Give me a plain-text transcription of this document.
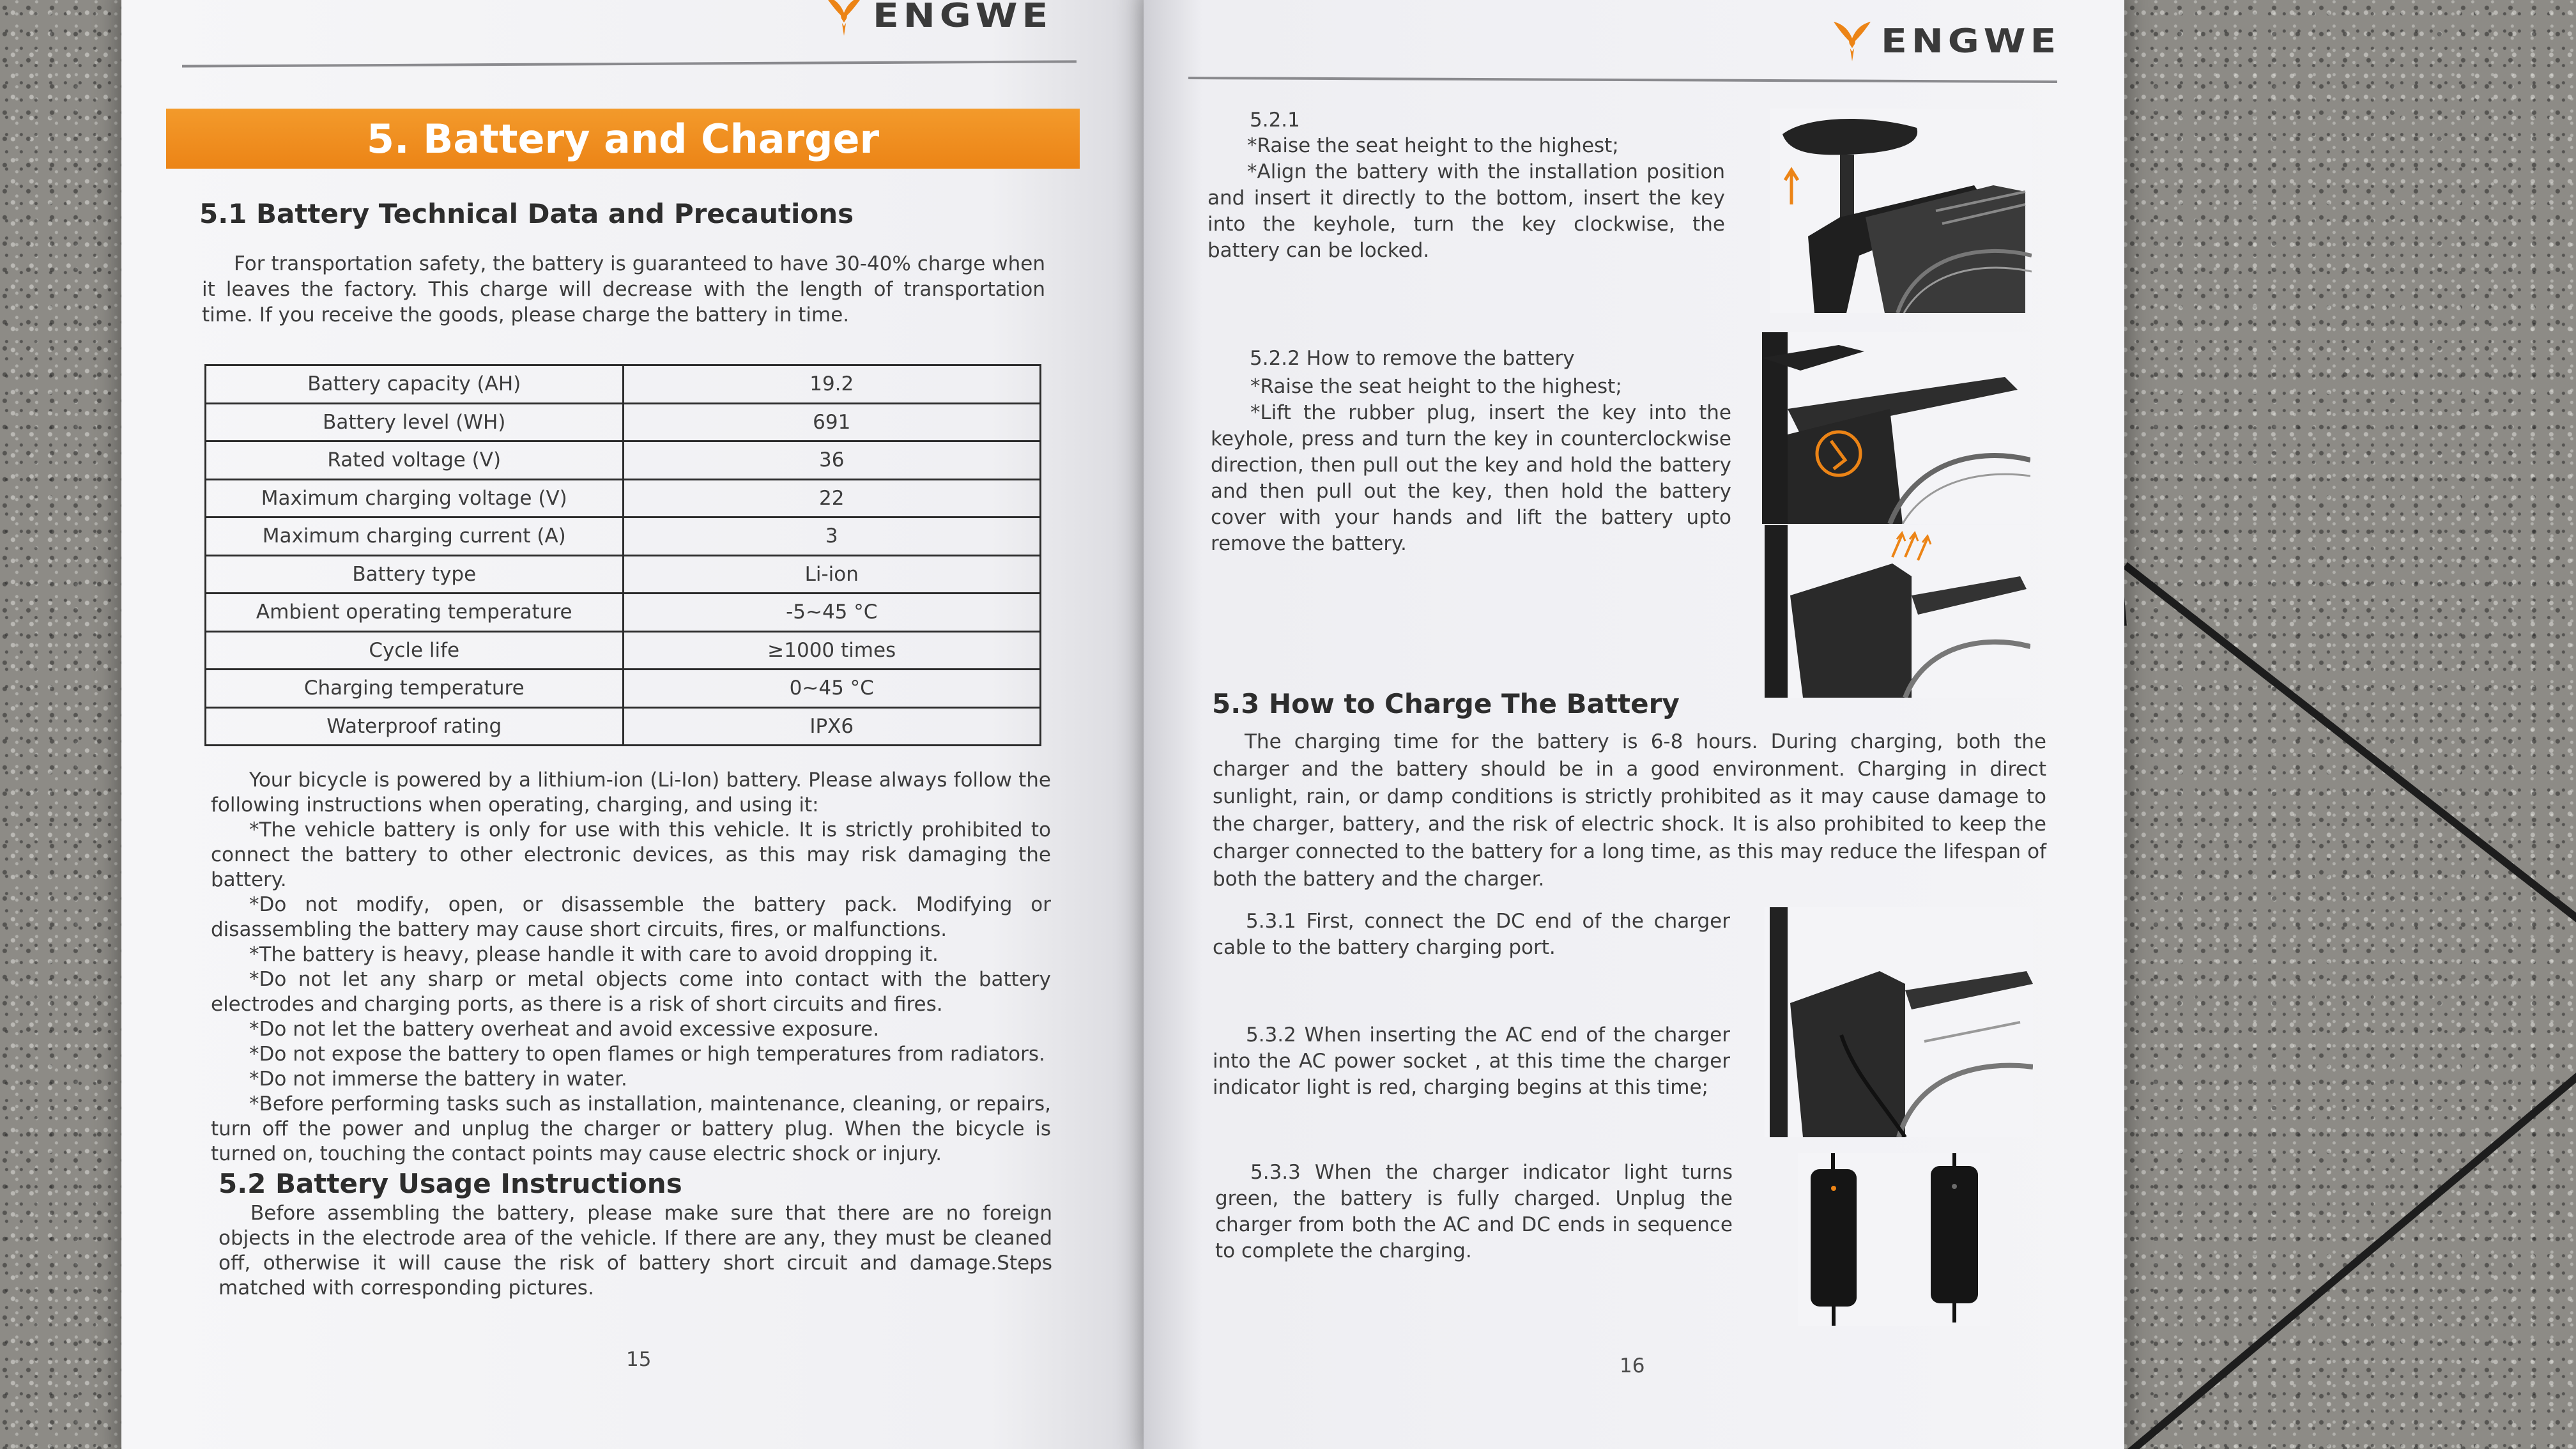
ENGWE
5. Battery and Charger
5.1 Battery Technical Data and Precautions

For transportation safety, the battery is guaranteed to have 30-40% charge when it leaves the factory. This charge will decrease with the length of transportation time. If you receive the goods, please charge the battery in time.

Battery capacity (AH)	19.2
Battery level (WH)	691
Rated voltage (V)	36
Maximum charging voltage (V)	22
Maximum charging current (A)	3
Battery type	Li-ion
Ambient operating temperature	-5~45 °C
Cycle life	≥1000 times
Charging temperature	0~45 °C
Waterproof rating	IPX6

Your bicycle is powered by a lithium-ion (Li-Ion) battery. Please always follow the following instructions when operating, charging, and using it:

*The vehicle battery is only for use with this vehicle. It is strictly prohibited to connect the battery to other electronic devices, as this may risk damaging the battery.

*Do not modify, open, or disassemble the battery pack. Modifying or disassembling the battery may cause short circuits, fires, or malfunctions.

*The battery is heavy, please handle it with care to avoid dropping it.

*Do not let any sharp or metal objects come into contact with the battery electrodes and charging ports, as there is a risk of short circuits and fires.

*Do not let the battery overheat and avoid excessive exposure.

*Do not expose the battery to open flames or high temperatures from radiators.

*Do not immerse the battery in water.

*Before performing tasks such as installation, maintenance, cleaning, or repairs, turn off the power and unplug the charger or battery plug. When the bicycle is turned on, touching the contact points may cause electric shock or injury.

5.2 Battery Usage Instructions

Before assembling the battery, please make sure that there are no foreign objects in the electrode area of the vehicle. If there are any, they must be cleaned off, otherwise it will cause the risk of battery short circuit and damage.Steps matched with corresponding pictures.

15
ENGWE
5.2.1

*Raise the seat height to the highest;

*Align the battery with the installation position and insert it directly to the bottom, insert the key into the keyhole, turn the key clockwise, the battery can be locked.

5.2.2 How to remove the battery

*Raise the seat height to the highest;

*Lift the rubber plug, insert the key into the keyhole, press and turn the key in counterclockwise direction, then pull out the key and hold the battery and then pull out the key, then hold the battery cover with your hands and lift the battery upto remove the battery.

5.3 How to Charge The Battery

The charging time for the battery is 6-8 hours. During charging, both the charger and the battery should be in a good environment. Charging in direct sunlight, rain, or damp conditions is strictly prohibited as it may cause damage to the charger, battery, and the risk of electric shock. It is also prohibited to keep the charger connected to the battery for a long time, as this may reduce the lifespan of both the battery and the charger.

5.3.1 First, connect the DC end of the charger cable to the battery charging port.
5.3.2 When inserting the AC end of the charger into the AC power socket , at this time the charger indicator light is red, charging begins at this time;
5.3.3 When the charger indicator light turns green, the battery is fully charged. Unplug the charger from both the AC and DC ends in sequence to complete the charging.
16
